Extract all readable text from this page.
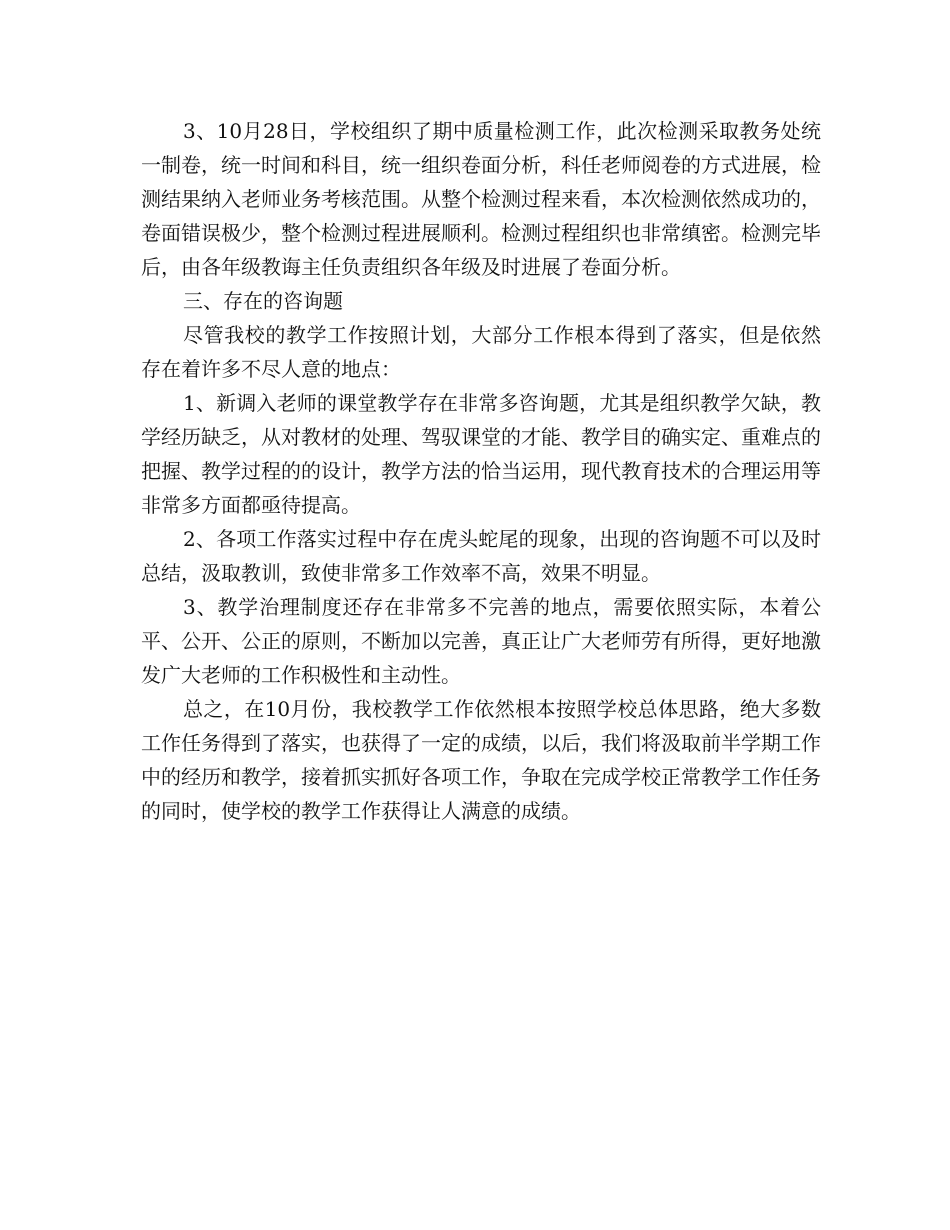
3、10月28日，学校组织了期中质量检测工作，此次检测采取教务处统一制卷，统一时间和科目，统一组织卷面分析，科任老师阅卷的方式进展，检测结果纳入老师业务考核范围。从整个检测过程来看，本次检测依然成功的，卷面错误极少，整个检测过程进展顺利。检测过程组织也非常缜密。检测完毕后，由各年级教诲主任负责组织各年级及时进展了卷面分析。

三、存在的咨询题

尽管我校的教学工作按照计划，大部分工作根本得到了落实，但是依然存在着许多不尽人意的地点：

1、新调入老师的课堂教学存在非常多咨询题，尤其是组织教学欠缺，教学经历缺乏，从对教材的处理、驾驭课堂的才能、教学目的确实定、重难点的把握、教学过程的的设计，教学方法的恰当运用，现代教育技术的合理运用等非常多方面都亟待提高。

2、各项工作落实过程中存在虎头蛇尾的现象，出现的咨询题不可以及时总结，汲取教训，致使非常多工作效率不高，效果不明显。

3、教学治理制度还存在非常多不完善的地点，需要依照实际，本着公平、公开、公正的原则，不断加以完善，真正让广大老师劳有所得，更好地激发广大老师的工作积极性和主动性。

总之，在10月份，我校教学工作依然根本按照学校总体思路，绝大多数工作任务得到了落实，也获得了一定的成绩，以后，我们将汲取前半学期工作中的经历和教学，接着抓实抓好各项工作，争取在完成学校正常教学工作任务的同时，使学校的教学工作获得让人满意的成绩。
